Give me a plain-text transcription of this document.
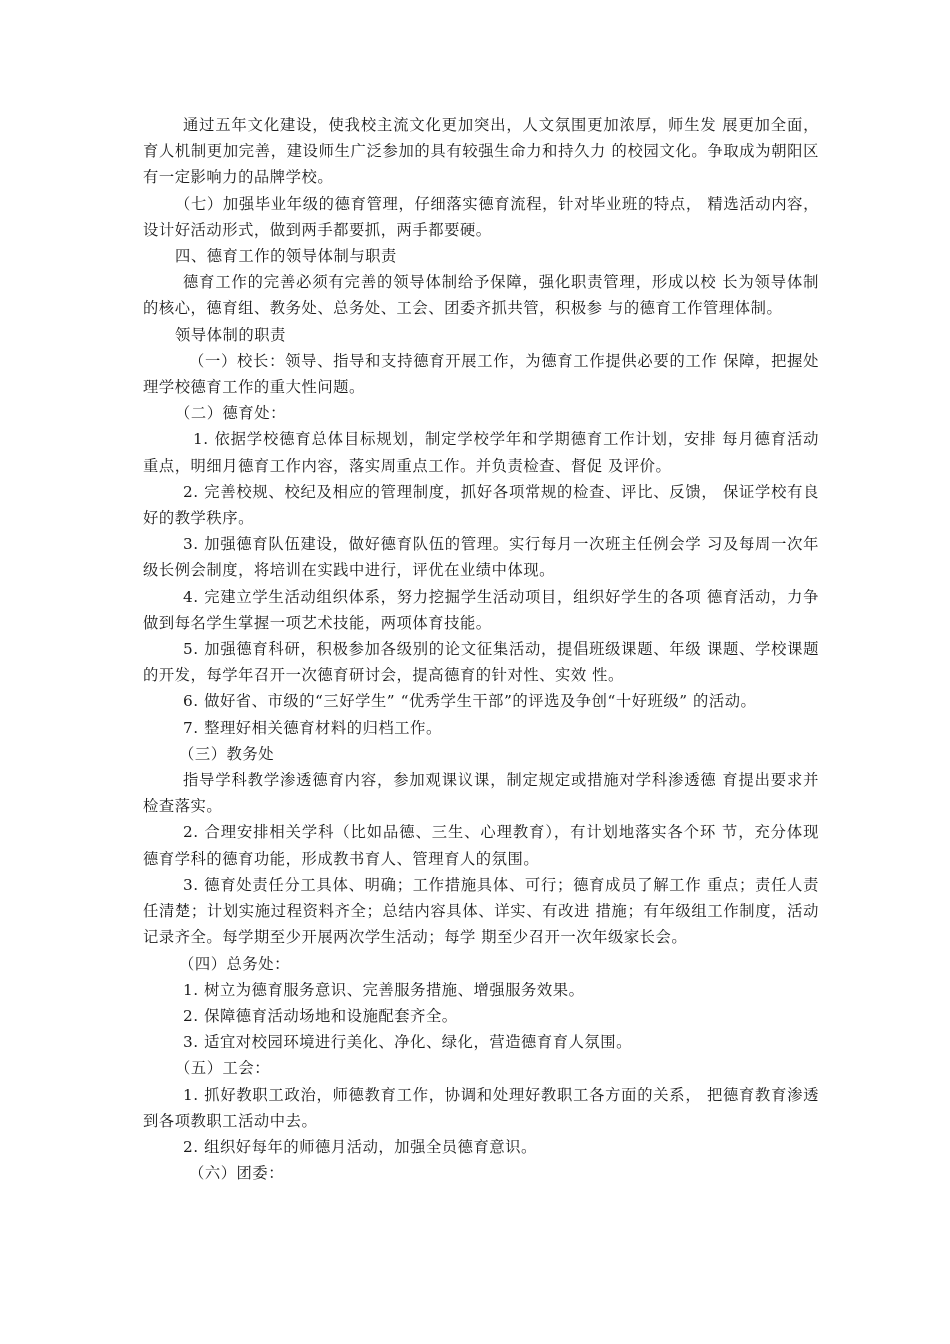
通过五年文化建设，使我校主流文化更加突出，人文氛围更加浓厚，师生发 展更加全面，育人机制更加完善，建设师生广泛参加的具有较强生命力和持久力 的校园文化。争取成为朝阳区有一定影响力的品牌学校。

（七）加强毕业年级的德育管理，仔细落实德育流程，针对毕业班的特点， 精选活动内容，设计好活动形式，做到两手都要抓，两手都要硬。

四、德育工作的领导体制与职责

德育工作的完善必须有完善的领导体制给予保障，强化职责管理，形成以校 长为领导体制的核心，德育组、教务处、总务处、工会、团委齐抓共管，积极参 与的德育工作管理体制。

领导体制的职责

（一）校长：领导、指导和支持德育开展工作，为德育工作提供必要的工作 保障，把握处理学校德育工作的重大性问题。

（二）德育处：

1. 依据学校德育总体目标规划，制定学校学年和学期德育工作计划，安排 每月德育活动重点，明细月德育工作内容，落实周重点工作。并负责检查、督促 及评价。

2. 完善校规、校纪及相应的管理制度，抓好各项常规的检查、评比、反馈， 保证学校有良好的教学秩序。

3. 加强德育队伍建设，做好德育队伍的管理。实行每月一次班主任例会学 习及每周一次年级长例会制度，将培训在实践中进行，评优在业绩中体现。

4. 完建立学生活动组织体系，努力挖掘学生活动项目，组织好学生的各项 德育活动，力争做到每名学生掌握一项艺术技能，两项体育技能。

5. 加强德育科研，积极参加各级别的论文征集活动，提倡班级课题、年级 课题、学校课题的开发，每学年召开一次德育研讨会，提高德育的针对性、实效 性。

6. 做好省、市级的“三好学生” “优秀学生干部”的评选及争创“十好班级” 的活动。

7. 整理好相关德育材料的归档工作。

（三）教务处

指导学科教学渗透德育内容，参加观课议课，制定规定或措施对学科渗透德 育提出要求并检查落实。

2. 合理安排相关学科（比如品德、三生、心理教育），有计划地落实各个环 节，充分体现德育学科的德育功能，形成教书育人、管理育人的氛围。

3. 德育处责任分工具体、明确；工作措施具体、可行；德育成员了解工作 重点；责任人责任清楚；计划实施过程资料齐全；总结内容具体、详实、有改进 措施；有年级组工作制度，活动记录齐全。每学期至少开展两次学生活动；每学 期至少召开一次年级家长会。

（四）总务处：

1. 树立为德育服务意识、完善服务措施、增强服务效果。

2. 保障德育活动场地和设施配套齐全。

3. 适宜对校园环境进行美化、净化、绿化，营造德育育人氛围。

（五）工会：

1. 抓好教职工政治，师德教育工作，协调和处理好教职工各方面的关系， 把德育教育渗透到各项教职工活动中去。

2. 组织好每年的师德月活动，加强全员德育意识。

（六）团委：
